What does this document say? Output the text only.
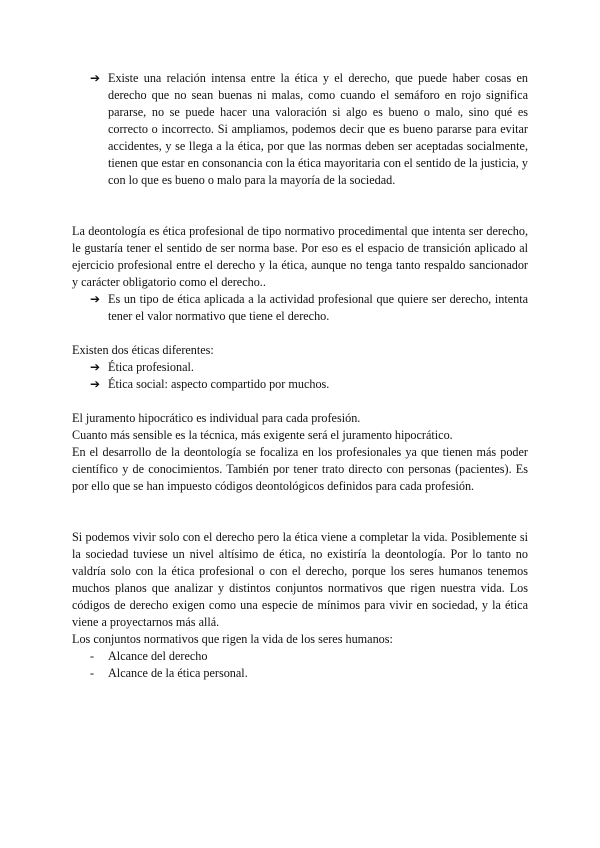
➔ Existe una relación intensa entre la ética y el derecho, que puede haber cosas en derecho que no sean buenas ni malas, como cuando el semáforo en rojo significa pararse, no se puede hacer una valoración si algo es bueno o malo, sino qué es correcto o incorrecto. Si ampliamos, podemos decir que es bueno pararse para evitar accidentes, y se llega a la ética, por que las normas deben ser aceptadas socialmente, tienen que estar en consonancia con la ética mayoritaria con el sentido de la justicia, y con lo que es bueno o malo para la mayoría de la sociedad.

La deontología es ética profesional de tipo normativo procedimental que intenta ser derecho, le gustaría tener el sentido de ser norma base. Por eso es el espacio de transición aplicado al ejercicio profesional entre el derecho y la ética, aunque no tenga tanto respaldo sancionador y carácter obligatorio como el derecho..

➔ Es un tipo de ética aplicada a la actividad profesional que quiere ser derecho, intenta tener el valor normativo que tiene el derecho.

Existen dos éticas diferentes:

➔ Ética profesional.
➔ Ética social: aspecto compartido por muchos.

El juramento hipocrático es individual para cada profesión.

Cuanto más sensible es la técnica, más exigente será el juramento hipocrático.

En el desarrollo de la deontología se focaliza en los profesionales ya que tienen más poder científico y de conocimientos. También por tener trato directo con personas (pacientes). Es por ello que se han impuesto códigos deontológicos definidos para cada profesión.

Si podemos vivir solo con el derecho pero la ética viene a completar la vida. Posiblemente si la sociedad tuviese un nivel altísimo de ética, no existiría la deontología. Por lo tanto no valdría solo con la ética profesional o con el derecho, porque los seres humanos tenemos muchos planos que analizar y distintos conjuntos normativos que rigen nuestra vida. Los códigos de derecho exigen como una especie de mínimos para vivir en sociedad, y la ética viene a proyectarnos más allá.

Los conjuntos normativos que rigen la vida de los seres humanos:

-	Alcance del derecho
-	Alcance de la ética personal.
